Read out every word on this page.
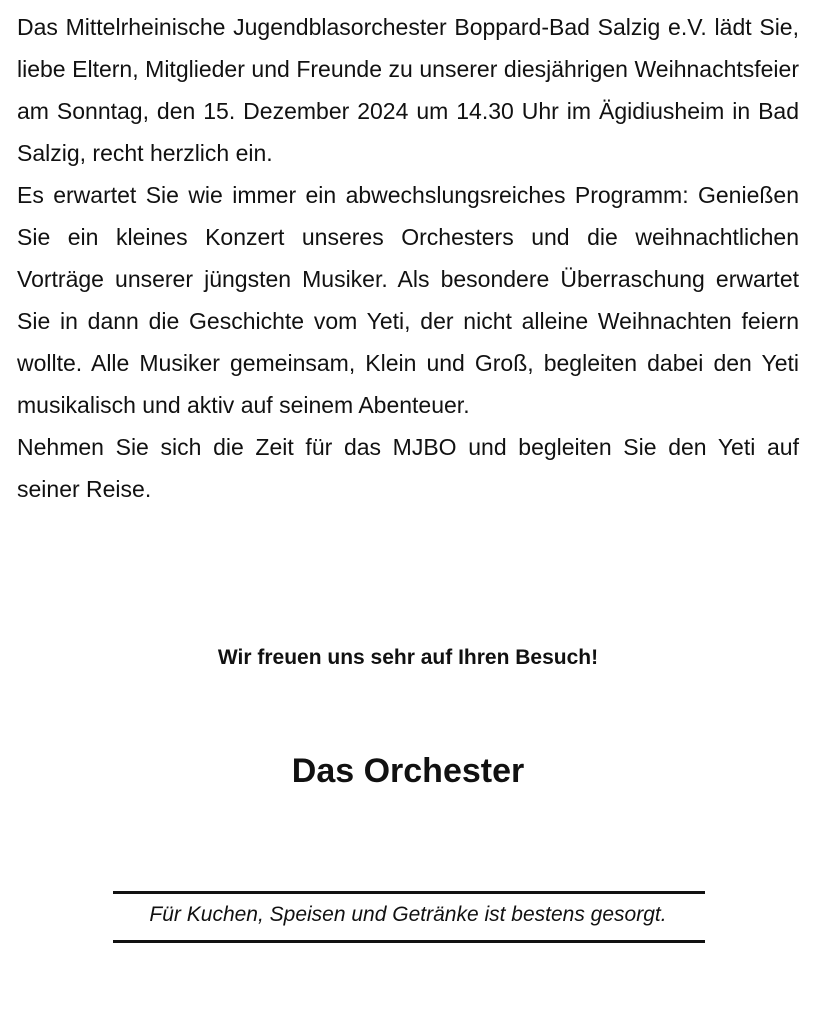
Das Mittelrheinische Jugendblasorchester Boppard-Bad Salzig e.V. lädt Sie, liebe Eltern, Mitglieder und Freunde zu unserer diesjährigen Weihnachtsfeier am Sonntag, den 15. Dezember 2024 um 14.30 Uhr im Ägidiusheim in Bad Salzig, recht herzlich ein.

Es erwartet Sie wie immer ein abwechslungsreiches Programm: Genießen Sie ein kleines Konzert unseres Orchesters und die weihnachtlichen Vorträge unserer jüngsten Musiker. Als besondere Überraschung erwartet Sie in dann die Geschichte vom Yeti, der nicht alleine Weihnachten feiern wollte. Alle Musiker gemeinsam, Klein und Groß, begleiten dabei den Yeti musikalisch und aktiv auf seinem Abenteuer.

Nehmen Sie sich die Zeit für das MJBO und begleiten Sie den Yeti auf seiner Reise.

Wir freuen uns sehr auf Ihren Besuch!
Das Orchester
Für Kuchen, Speisen und Getränke ist bestens gesorgt.
